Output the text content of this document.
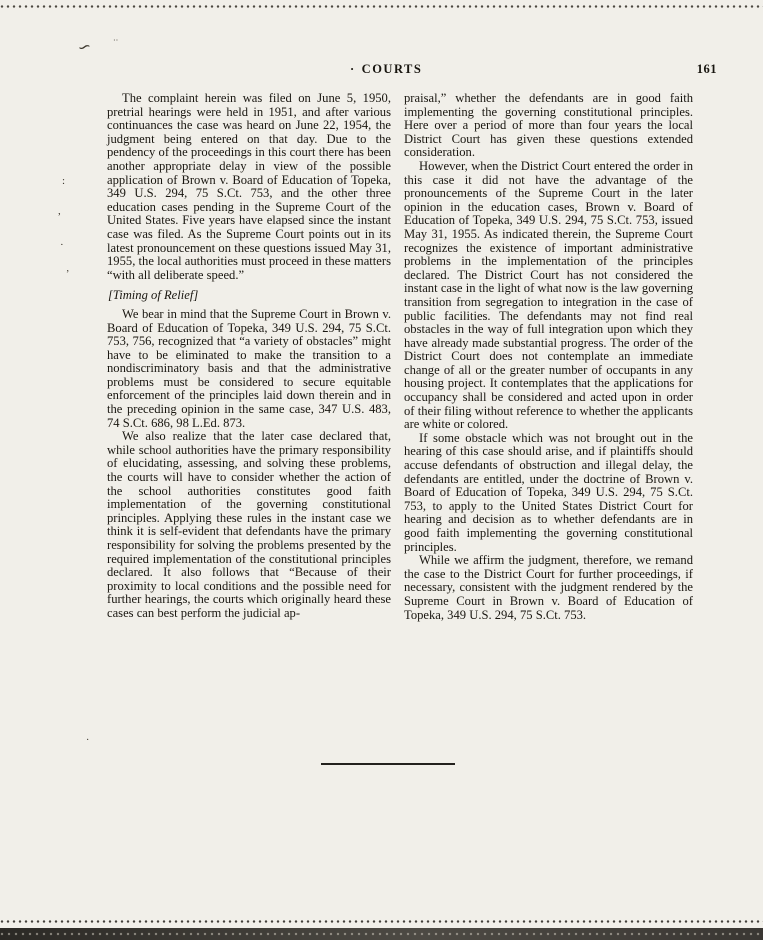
· COURTS	161

The complaint herein was filed on June 5, 1950, pretrial hearings were held in 1951, and after various continuances the case was heard on June 22, 1954, the judgment being entered on that day. Due to the pendency of the proceedings in this court there has been another appropriate delay in view of the possible application of Brown v. Board of Education of Topeka, 349 U.S. 294, 75 S.Ct. 753, and the other three education cases pending in the Supreme Court of the United States. Five years have elapsed since the instant case was filed. As the Supreme Court points out in its latest pronouncement on these questions issued May 31, 1955, the local authorities must proceed in these matters “with all deliberate speed.”

[Timing of Relief]

We bear in mind that the Supreme Court in Brown v. Board of Education of Topeka, 349 U.S. 294, 75 S.Ct. 753, 756, recognized that “a variety of obstacles” might have to be eliminated to make the transition to a nondiscriminatory basis and that the administrative problems must be considered to secure equitable enforcement of the principles laid down therein and in the preceding opinion in the same case, 347 U.S. 483, 74 S.Ct. 686, 98 L.Ed. 873.

We also realize that the later case declared that, while school authorities have the primary responsibility of elucidating, assessing, and solving these problems, the courts will have to consider whether the action of the school authorities constitutes good faith implementation of the governing constitutional principles. Applying these rules in the instant case we think it is self-evident that defendants have the primary responsibility for solving the problems presented by the required implementation of the constitutional principles declared. It also follows that “Because of their proximity to local conditions and the possible need for further hearings, the courts which originally heard these cases can best perform the judicial ap-

praisal,” whether the defendants are in good faith implementing the governing constitutional principles. Here over a period of more than four years the local District Court has given these questions extended consideration.

However, when the District Court entered the order in this case it did not have the advantage of the pronouncements of the Supreme Court in the later opinion in the education cases, Brown v. Board of Education of Topeka, 349 U.S. 294, 75 S.Ct. 753, issued May 31, 1955. As indicated therein, the Supreme Court recognizes the existence of important administrative problems in the implementation of the principles declared. The District Court has not considered the instant case in the light of what now is the law governing transition from segregation to integration in the case of public facilities. The defendants may not find real obstacles in the way of full integration upon which they have already made substantial progress. The order of the District Court does not contemplate an immediate change of all or the greater number of occupants in any housing project. It contemplates that the applications for occupancy shall be considered and acted upon in order of their filing without reference to whether the applicants are white or colored.

If some obstacle which was not brought out in the hearing of this case should arise, and if plaintiffs should accuse defendants of obstruction and illegal delay, the defendants are entitled, under the doctrine of Brown v. Board of Education of Topeka, 349 U.S. 294, 75 S.Ct. 753, to apply to the United States District Court for hearing and decision as to whether defendants are in good faith implementing the governing constitutional principles.

While we affirm the judgment, therefore, we remand the case to the District Court for further proceedings, if necessary, consistent with the judgment rendered by the Supreme Court in Brown v. Board of Education of Topeka, 349 U.S. 294, 75 S.Ct. 753.

∽ ··
:
,
·
’
·
